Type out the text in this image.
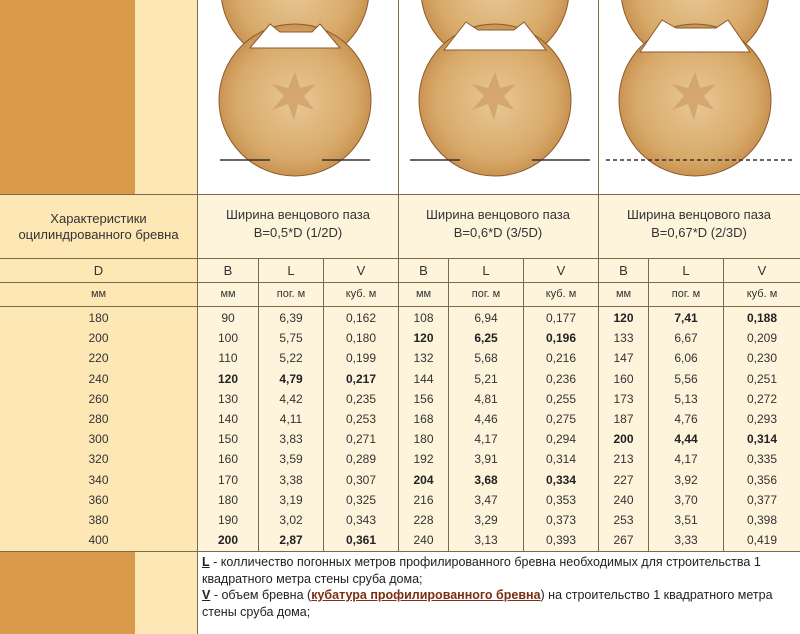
Характеристики оцилиндрованного бревна
Ширина венцового паза
B=0,5*D (1/2D)
Ширина венцового паза
B=0,6*D (3/5D)
Ширина венцового паза
B=0,67*D (2/3D)
D	B	L	V	B	L	V	B	L	V
мм	мм	пог. м	куб. м	мм	пог. м	куб. м	мм	пог. м	куб. м
180	90	6,39	0,162	108	6,94	0,177	120	7,41	0,188
200	100	5,75	0,180	120	6,25	0,196	133	6,67	0,209
220	110	5,22	0,199	132	5,68	0,216	147	6,06	0,230
240	120	4,79	0,217	144	5,21	0,236	160	5,56	0,251
260	130	4,42	0,235	156	4,81	0,255	173	5,13	0,272
280	140	4,11	0,253	168	4,46	0,275	187	4,76	0,293
300	150	3,83	0,271	180	4,17	0,294	200	4,44	0,314
320	160	3,59	0,289	192	3,91	0,314	213	4,17	0,335
340	170	3,38	0,307	204	3,68	0,334	227	3,92	0,356
360	180	3,19	0,325	216	3,47	0,353	240	3,70	0,377
380	190	3,02	0,343	228	3,29	0,373	253	3,51	0,398
400	200	2,87	0,361	240	3,13	0,393	267	3,33	0,419
L - колличество погонных метров профилированного бревна необходимых для строительства 1 квадратного метра стены сруба дома;
V - объем бревна (кубатура профилированного бревна) на строительство 1 квадратного метра стены сруба дома;
